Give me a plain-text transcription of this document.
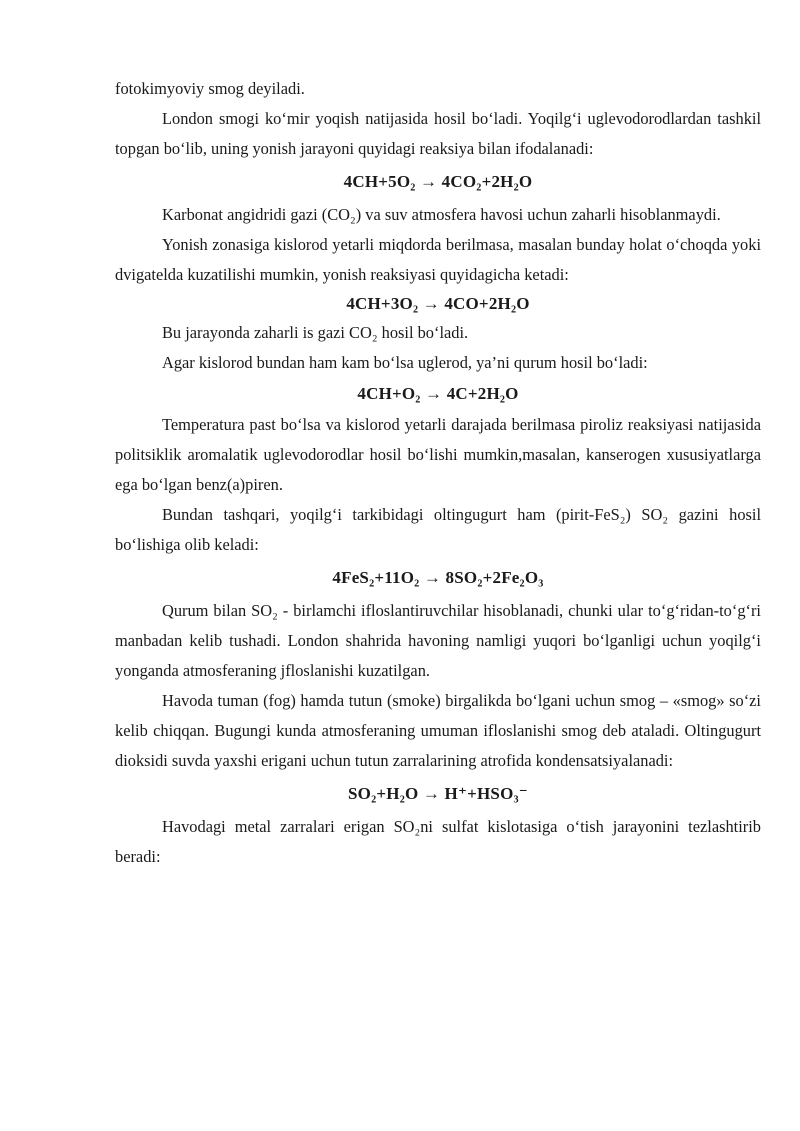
fotokimyoviy smog deyiladi.

London smogi ko‘mir yoqish natijasida hosil bo‘ladi. Yoqilg‘i uglevodorodlardan tashkil topgan bo‘lib, uning yonish jarayoni quyidagi reaksiya bilan ifodalanadi:

4CH+5O₂ → 4CO₂+2H₂O

Karbonat angidridi gazi (CO₂) va suv atmosfera havosi uchun zaharli hisoblanmaydi.

Yonish zonasiga kislorod yetarli miqdorda berilmasa, masalan bunday holat o‘choqda yoki dvigatelda kuzatilishi mumkin, yonish reaksiyasi quyidagicha ketadi:

4CH+3O₂ → 4CO+2H₂O

Bu jarayonda zaharli is gazi CO₂ hosil bo‘ladi.

Agar kislorod bundan ham kam bo‘lsa uglerod, ya’ni qurum hosil bo‘ladi:

4CH+O₂ → 4C+2H₂O

Temperatura past bo‘lsa va kislorod yetarli darajada berilmasa piroliz reaksiyasi natijasida politsiklik aromalatik uglevodorodlar hosil bo‘lishi mumkin,masalan, kanserogen xususiyatlarga ega bo‘lgan benz(a)piren.

Bundan tashqari, yoqilg‘i tarkibidagi oltingugurt ham (pirit-FeS₂) SO₂ gazini hosil bo‘lishiga olib keladi:

4FeS₂+11O₂ → 8SO₂+2Fe₂O₃

Qurum bilan SO₂ - birlamchi ifloslantiruvchilar hisoblanadi, chunki ular to‘g‘ridan-to‘g‘ri manbadan kelib tushadi. London shahrida havoning namligi yuqori bo‘lganligi uchun yoqilg‘i yonganda atmosferaning jfloslanishi kuzatilgan.

Havoda tuman (fog) hamda tutun (smoke) birgalikda bo‘lgani uchun smog – «smog» so‘zi kelib chiqqan. Bugungi kunda atmosferaning umuman ifloslanishi smog deb ataladi. Oltingugurt dioksidi suvda yaxshi erigani uchun tutun zarralarining atrofida kondensatsiyalanadi:

SO₂+H₂O → H⁺+HSO₃⁻

Havodagi metal zarralari erigan SO₂ni sulfat kislotasiga o‘tish jarayonini tezlashtirib beradi:
